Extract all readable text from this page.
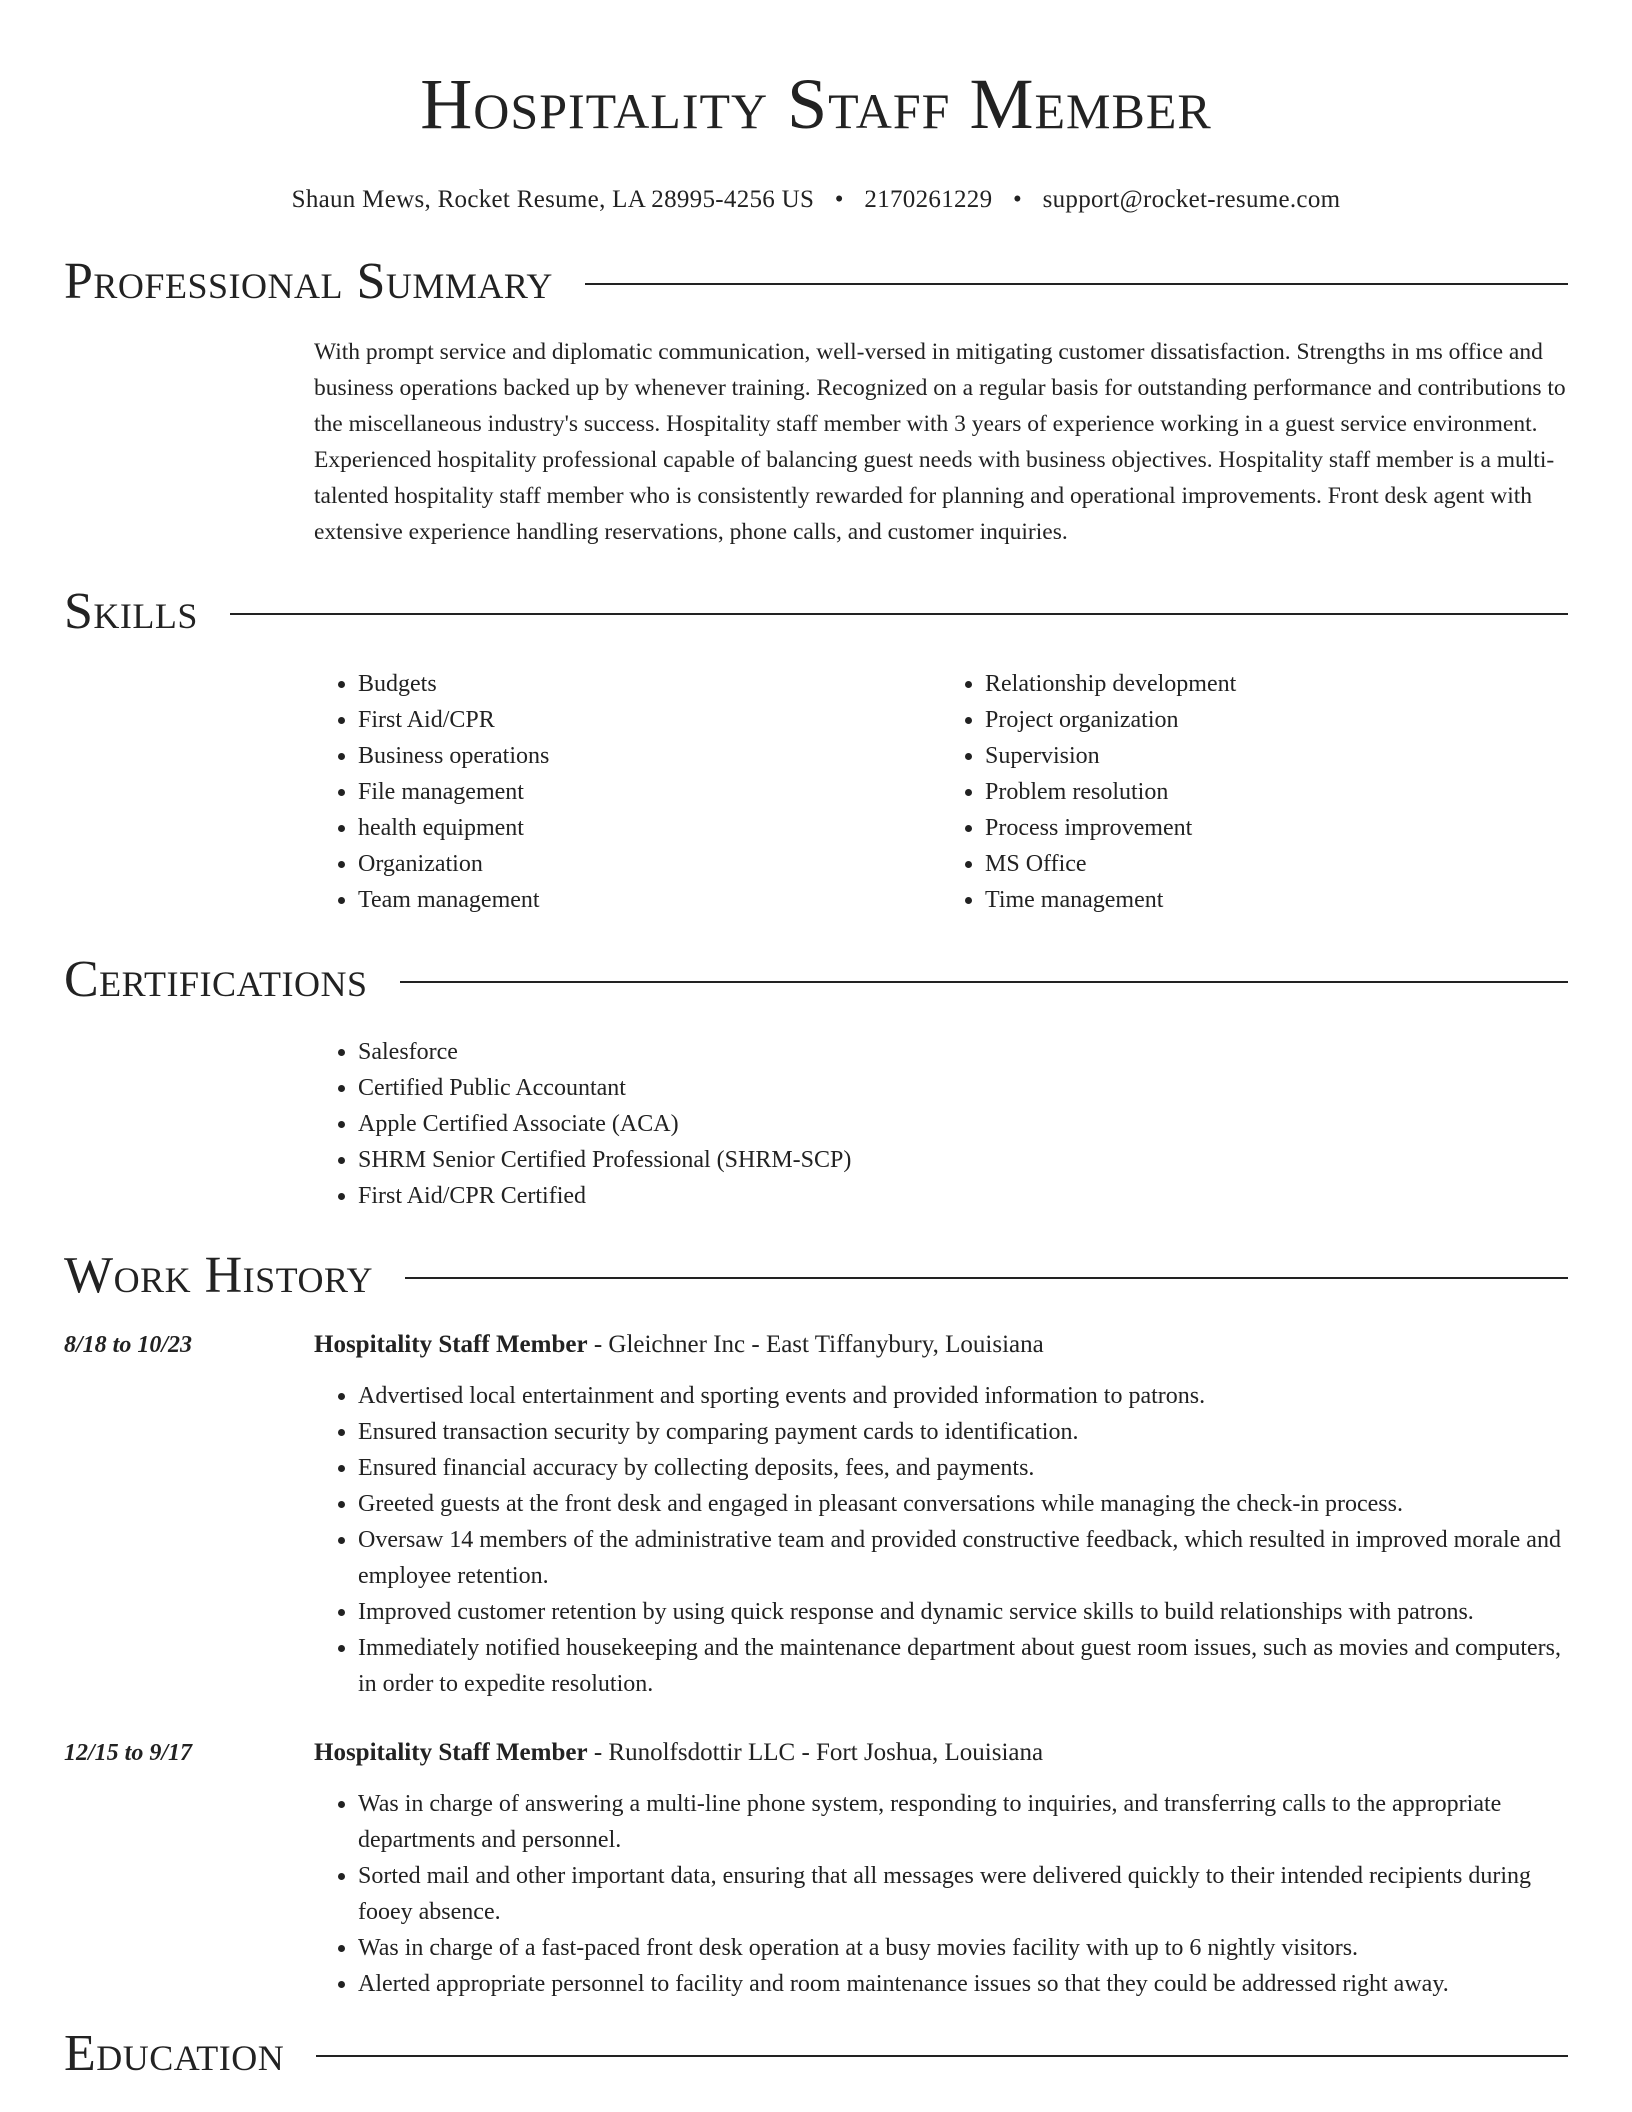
Hospitality Staff Member
Shaun Mews, Rocket Resume, LA 28995-4256 US • 2170261229 • support@rocket-resume.com
Professional Summary

With prompt service and diplomatic communication, well-versed in mitigating customer dissatisfaction. Strengths in ms office and business operations backed up by whenever training. Recognized on a regular basis for outstanding performance and contributions to the miscellaneous industry's success. Hospitality staff member with 3 years of experience working in a guest service environment. Experienced hospitality professional capable of balancing guest needs with business objectives. Hospitality staff member is a multi-talented hospitality staff member who is consistently rewarded for planning and operational improvements. Front desk agent with extensive experience handling reservations, phone calls, and customer inquiries.

Skills
• Budgets
• First Aid/CPR
• Business operations
• File management
• health equipment
• Organization
• Team management
• Relationship development
• Project organization
• Supervision
• Problem resolution
• Process improvement
• MS Office
• Time management
Certifications
• Salesforce
• Certified Public Accountant
• Apple Certified Associate (ACA)
• SHRM Senior Certified Professional (SHRM-SCP)
• First Aid/CPR Certified
Work History
8/18 to 10/23	Hospitality Staff Member - Gleichner Inc - East Tiffanybury, Louisiana
• Advertised local entertainment and sporting events and provided information to patrons.
• Ensured transaction security by comparing payment cards to identification.
• Ensured financial accuracy by collecting deposits, fees, and payments.
• Greeted guests at the front desk and engaged in pleasant conversations while managing the check-in process.
• Oversaw 14 members of the administrative team and provided constructive feedback, which resulted in improved morale and employee retention.
• Improved customer retention by using quick response and dynamic service skills to build relationships with patrons.
• Immediately notified housekeeping and the maintenance department about guest room issues, such as movies and computers, in order to expedite resolution.
12/15 to 9/17	Hospitality Staff Member - Runolfsdottir LLC - Fort Joshua, Louisiana
• Was in charge of answering a multi-line phone system, responding to inquiries, and transferring calls to the appropriate departments and personnel.
• Sorted mail and other important data, ensuring that all messages were delivered quickly to their intended recipients during fooey absence.
• Was in charge of a fast-paced front desk operation at a busy movies facility with up to 6 nightly visitors.
• Alerted appropriate personnel to facility and room maintenance issues so that they could be addressed right away.
Education
